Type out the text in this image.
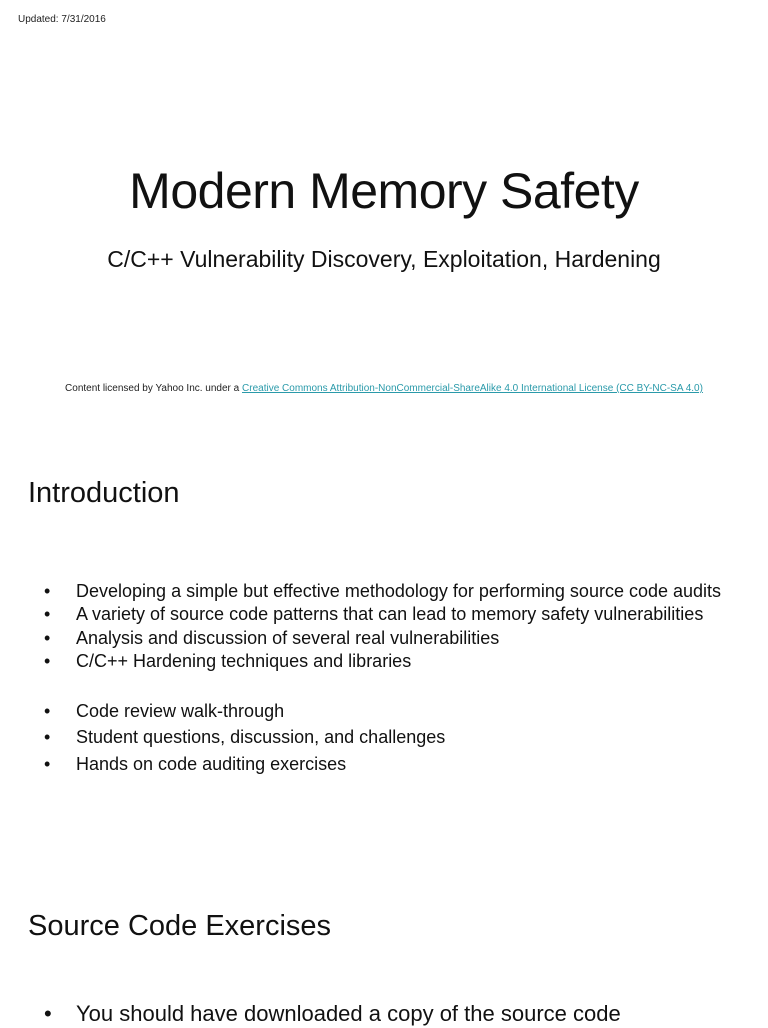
Updated: 7/31/2016
Modern Memory Safety
C/C++ Vulnerability Discovery, Exploitation, Hardening
Content licensed by Yahoo Inc. under a Creative Commons Attribution-NonCommercial-ShareAlike 4.0 International License (CC BY-NC-SA 4.0)
Introduction
• Developing a simple but effective methodology for performing source code audits
• A variety of source code patterns that can lead to memory safety vulnerabilities
• Analysis and discussion of several real vulnerabilities
• C/C++ Hardening techniques and libraries
• Code review walk-through
• Student questions, discussion, and challenges
• Hands on code auditing exercises
Source Code Exercises
• You should have downloaded a copy of the source code
